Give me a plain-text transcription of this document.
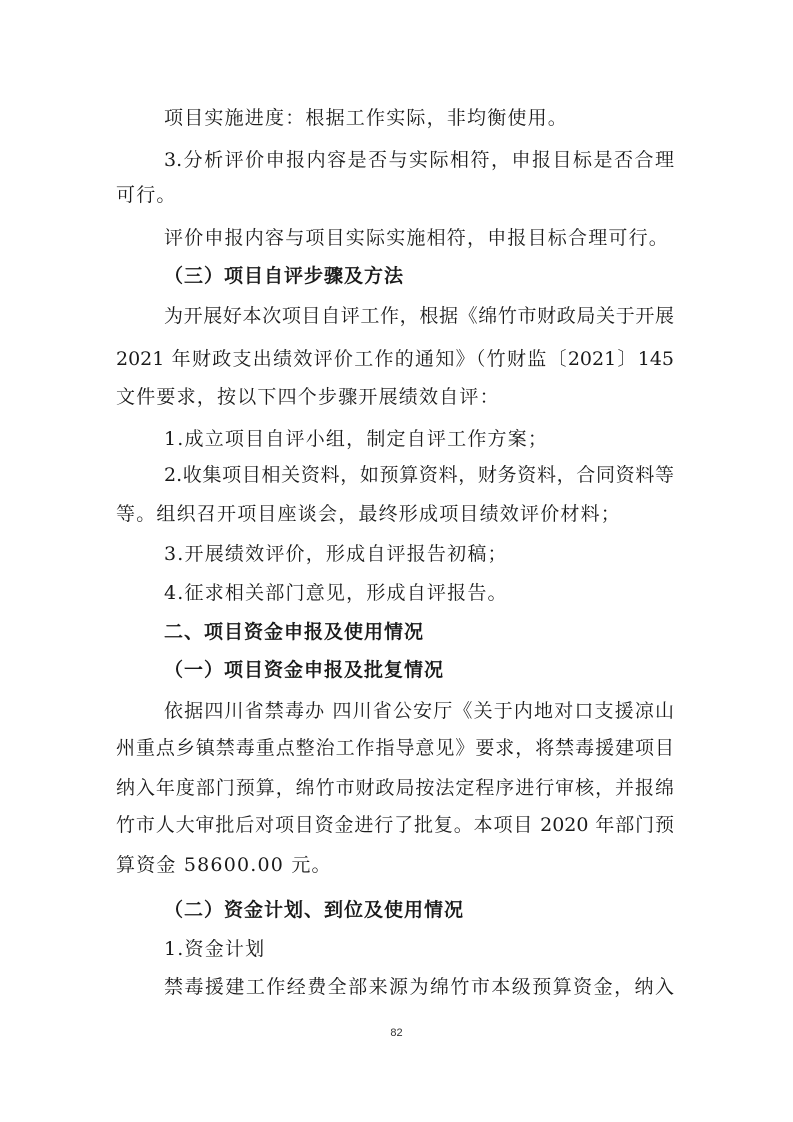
项目实施进度：根据工作实际，非均衡使用。

3.分析评价申报内容是否与实际相符，申报目标是否合理

可行。

评价申报内容与项目实际实施相符，申报目标合理可行。

（三）项目自评步骤及方法

为开展好本次项目自评工作，根据《绵竹市财政局关于开展

2021 年财政支出绩效评价工作的通知》（竹财监〔2021〕145

文件要求，按以下四个步骤开展绩效自评：

1.成立项目自评小组，制定自评工作方案；

2.收集项目相关资料，如预算资料，财务资料，合同资料等

等。组织召开项目座谈会，最终形成项目绩效评价材料；

3.开展绩效评价，形成自评报告初稿；

4.征求相关部门意见，形成自评报告。

二、项目资金申报及使用情况

（一）项目资金申报及批复情况

依据四川省禁毒办 四川省公安厅《关于内地对口支援凉山

州重点乡镇禁毒重点整治工作指导意见》要求，将禁毒援建项目

纳入年度部门预算，绵竹市财政局按法定程序进行审核，并报绵

竹市人大审批后对项目资金进行了批复。本项目 2020 年部门预

算资金 58600.00 元。

（二）资金计划、到位及使用情况

1.资金计划

禁毒援建工作经费全部来源为绵竹市本级预算资金，纳入

82
